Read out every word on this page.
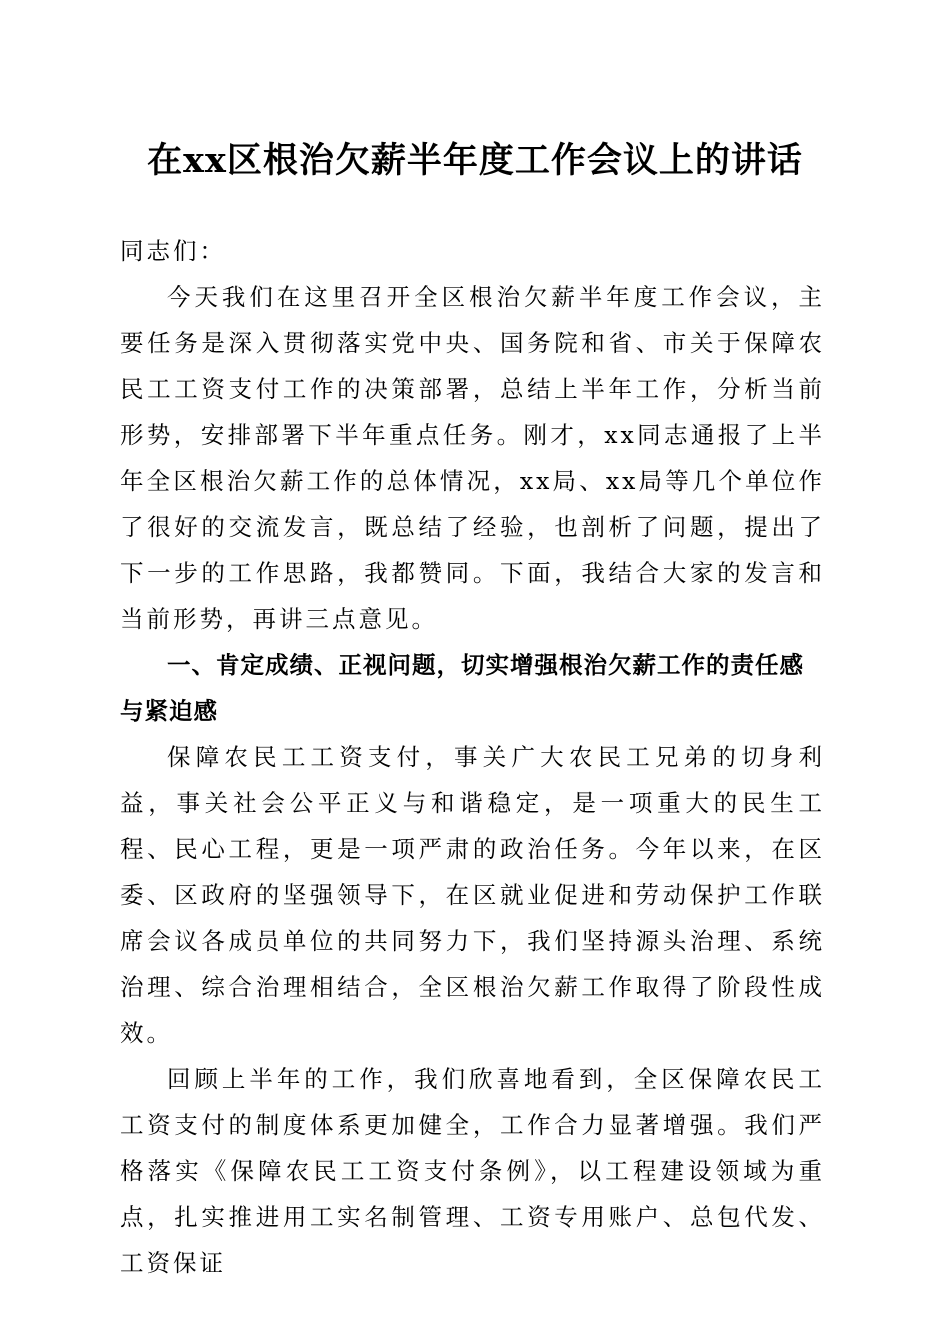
在xx区根治欠薪半年度工作会议上的讲话

同志们：

今天我们在这里召开全区根治欠薪半年度工作会议，主要任务是深入贯彻落实党中央、国务院和省、市关于保障农民工工资支付工作的决策部署，总结上半年工作，分析当前形势，安排部署下半年重点任务。刚才，xx同志通报了上半年全区根治欠薪工作的总体情况，xx局、xx局等几个单位作了很好的交流发言，既总结了经验，也剖析了问题，提出了下一步的工作思路，我都赞同。下面，我结合大家的发言和当前形势，再讲三点意见。

一、肯定成绩、正视问题，切实增强根治欠薪工作的责任感与紧迫感

保障农民工工资支付，事关广大农民工兄弟的切身利益，事关社会公平正义与和谐稳定，是一项重大的民生工程、民心工程，更是一项严肃的政治任务。今年以来，在区委、区政府的坚强领导下，在区就业促进和劳动保护工作联席会议各成员单位的共同努力下，我们坚持源头治理、系统治理、综合治理相结合，全区根治欠薪工作取得了阶段性成效。

回顾上半年的工作，我们欣喜地看到，全区保障农民工工资支付的制度体系更加健全，工作合力显著增强。我们严格落实《保障农民工工资支付条例》，以工程建设领域为重点，扎实推进用工实名制管理、工资专用账户、总包代发、工资保证
